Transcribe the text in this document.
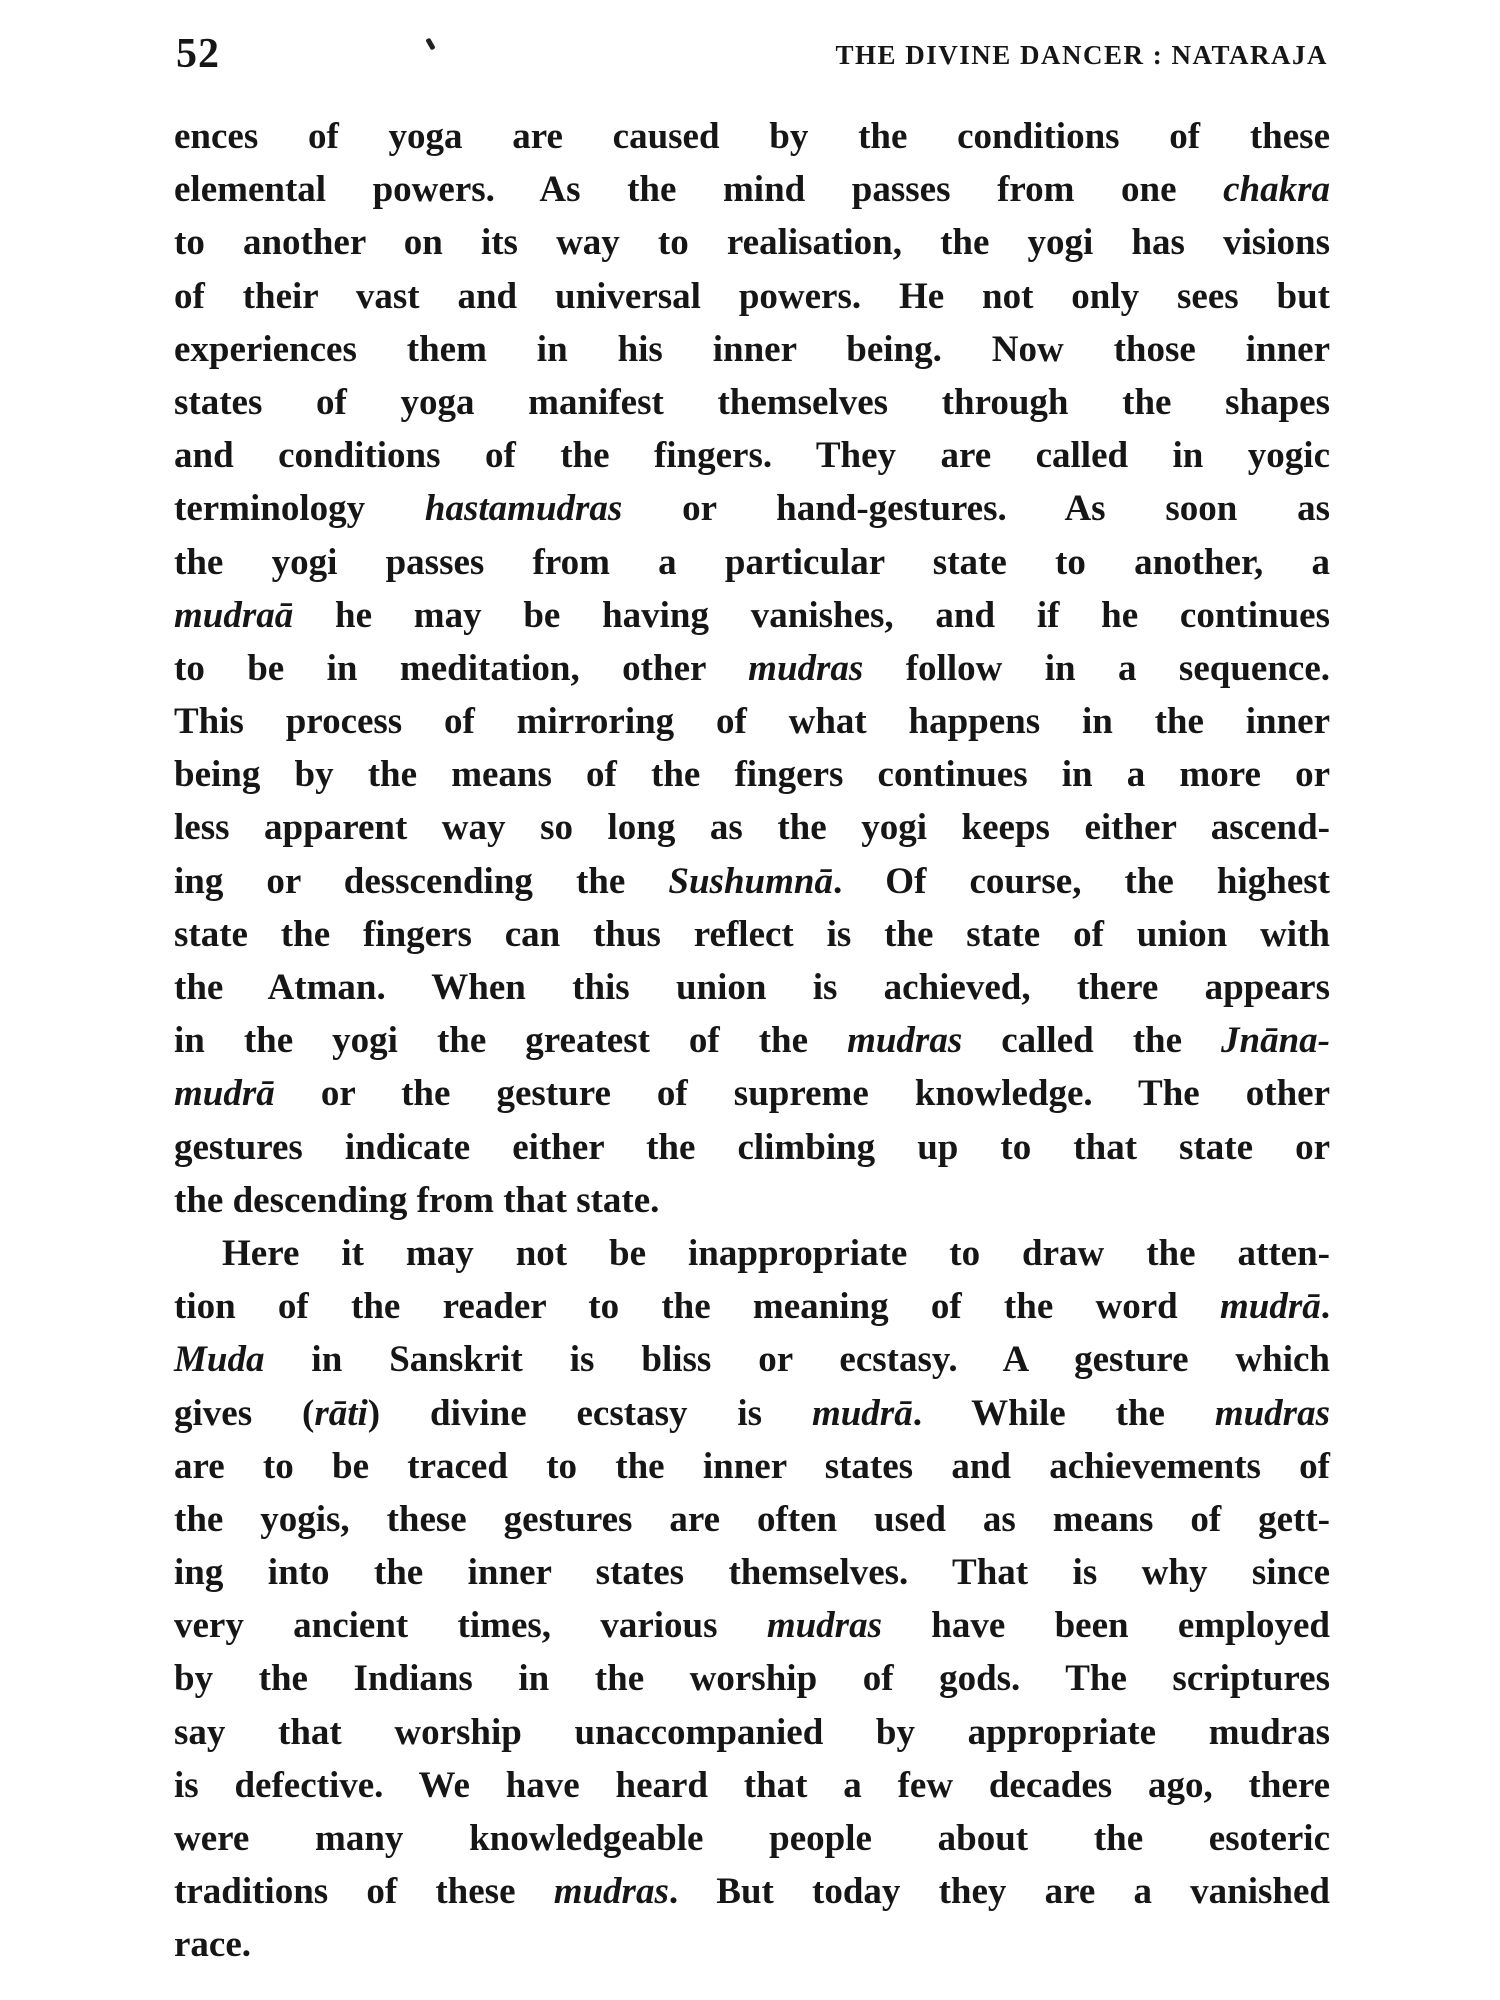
52	THE DIVINE DANCER : NATARAJA
ences of yoga are caused by the conditions of these
elemental powers. As the mind passes from one chakra
to another on its way to realisation, the yogi has visions
of their vast and universal powers. He not only sees but
experiences them in his inner being. Now those inner
states of yoga manifest themselves through the shapes
and conditions of the fingers. They are called in yogic
terminology hastamudras or hand-gestures. As soon as
the yogi passes from a particular state to another, a
mudraā he may be having vanishes, and if he continues
to be in meditation, other mudras follow in a sequence.
This process of mirroring of what happens in the inner
being by the means of the fingers continues in a more or
less apparent way so long as the yogi keeps either ascend-
ing or desscending the Sushumnā. Of course, the highest
state the fingers can thus reflect is the state of union with
the Atman. When this union is achieved, there appears
in the yogi the greatest of the mudras called the Jnāna-
mudrā or the gesture of supreme knowledge. The other
gestures indicate either the climbing up to that state or
the descending from that state.
Here it may not be inappropriate to draw the atten-
tion of the reader to the meaning of the word mudrā.
Muda in Sanskrit is bliss or ecstasy. A gesture which
gives (rāti) divine ecstasy is mudrā. While the mudras
are to be traced to the inner states and achievements of
the yogis, these gestures are often used as means of gett-
ing into the inner states themselves. That is why since
very ancient times, various mudras have been employed
by the Indians in the worship of gods. The scriptures
say that worship unaccompanied by appropriate mudras
is defective. We have heard that a few decades ago, there
were many knowledgeable people about the esoteric
traditions of these mudras. But today they are a vanished
race.
